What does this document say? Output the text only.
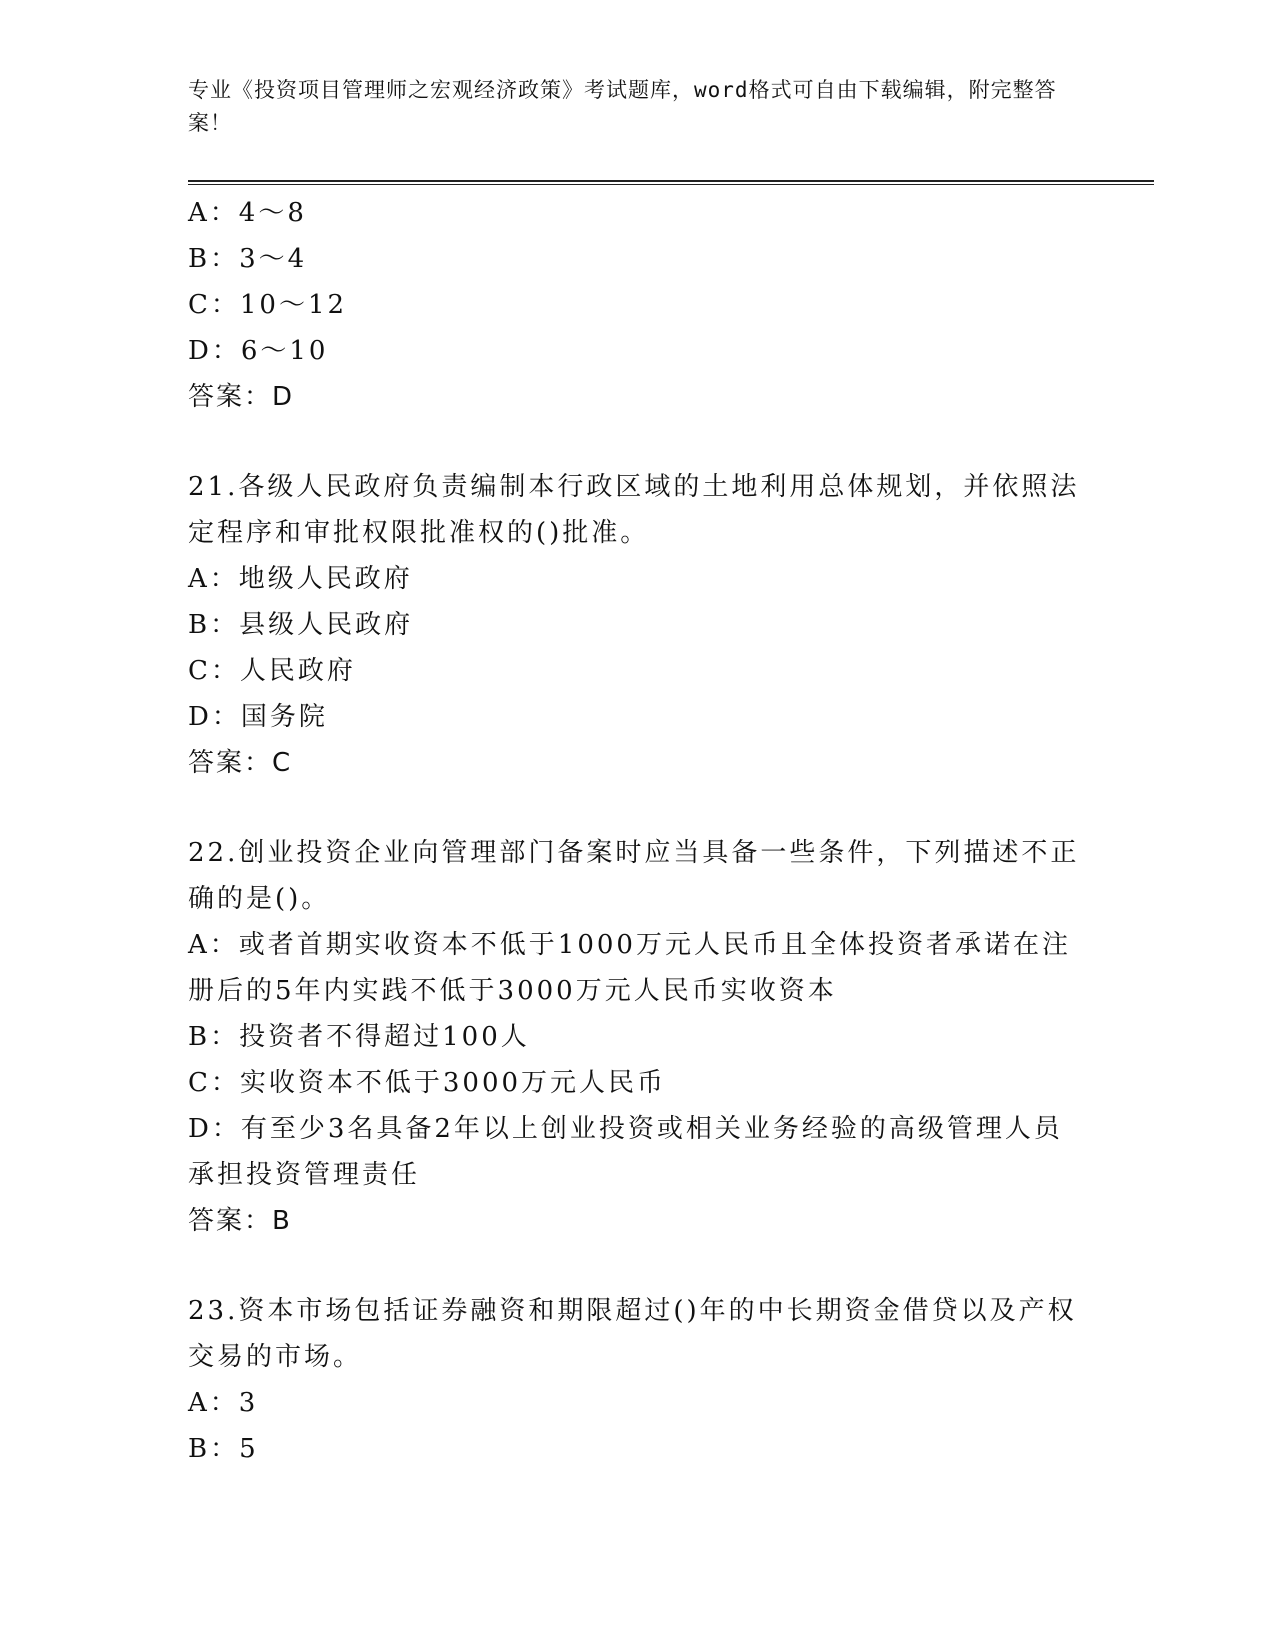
专业《投资项目管理师之宏观经济政策》考试题库，word格式可自由下载编辑，附完整答案！
A：4～8
B：3～4
C：10～12
D：6～10
答案：D
21.各级人民政府负责编制本行政区域的土地利用总体规划，并依照法定程序和审批权限批准权的()批准。
A：地级人民政府
B：县级人民政府
C：人民政府
D：国务院
答案：C
22.创业投资企业向管理部门备案时应当具备一些条件，下列描述不正确的是()。
A：或者首期实收资本不低于1000万元人民币且全体投资者承诺在注册后的5年内实践不低于3000万元人民币实收资本
B：投资者不得超过100人
C：实收资本不低于3000万元人民币
D：有至少3名具备2年以上创业投资或相关业务经验的高级管理人员承担投资管理责任
答案：B
23.资本市场包括证券融资和期限超过()年的中长期资金借贷以及产权交易的市场。
A：3
B：5
